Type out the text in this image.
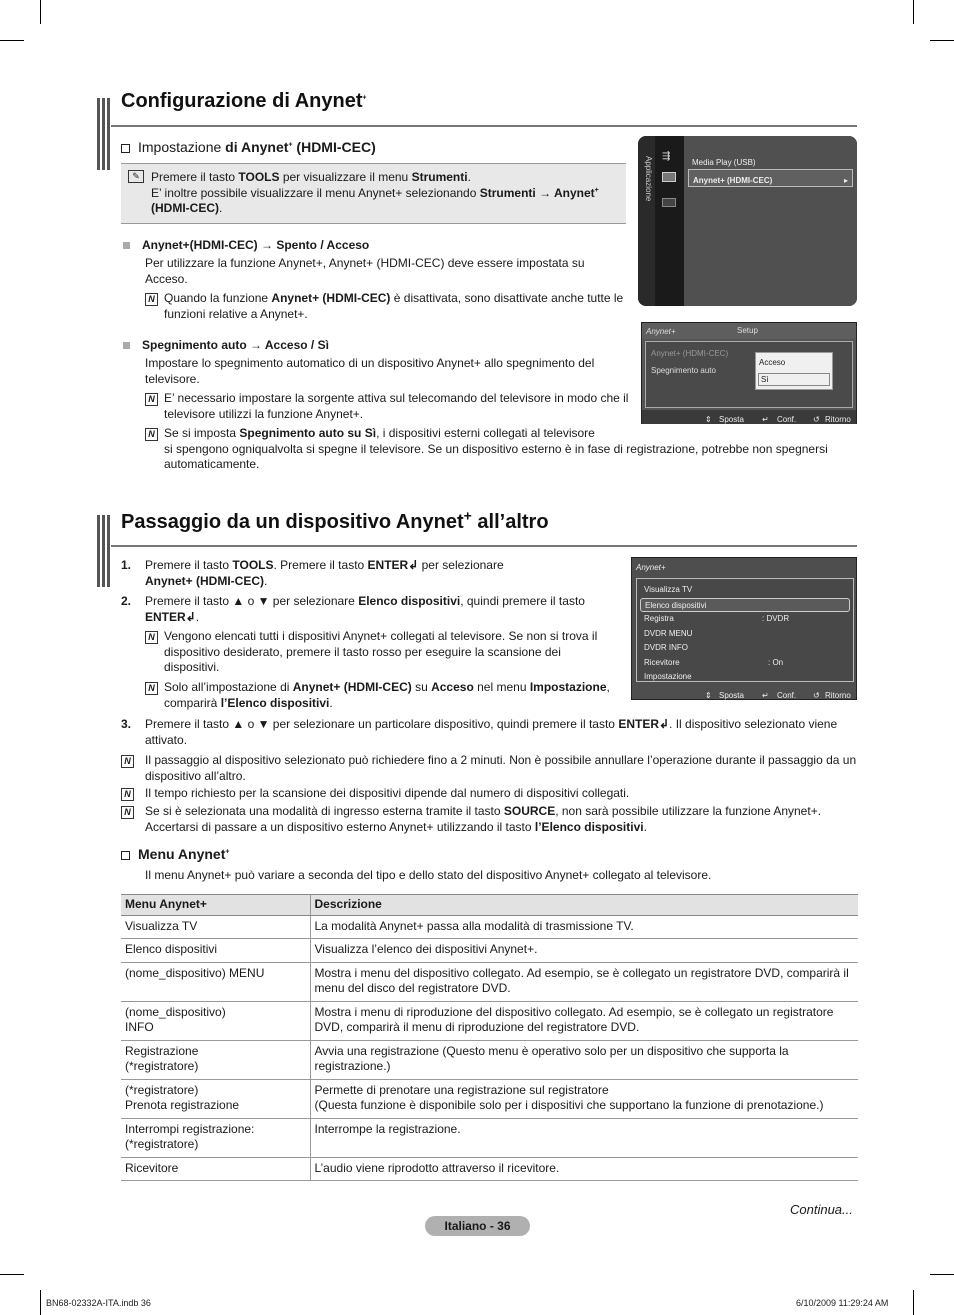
Configurazione di Anynet+
Impostazione di Anynet+ (HDMI-CEC)
✎ Premere il tasto TOOLS per visualizzare il menu Strumenti.
E’ inoltre possibile visualizzare il menu Anynet+ selezionando Strumenti → Anynet+
(HDMI-CEC).
Anynet+(HDMI-CEC) → Spento / Acceso
Per utilizzare la funzione Anynet+, Anynet+ (HDMI-CEC) deve essere impostata su Acceso.
N Quando la funzione Anynet+ (HDMI-CEC) è disattivata, sono disattivate anche tutte le funzioni relative a Anynet+.
Spegnimento auto → Acceso / Sì
Impostare lo spegnimento automatico di un dispositivo Anynet+ allo spegnimento del televisore.
N E’ necessario impostare la sorgente attiva sul telecomando del televisore in modo che il televisore utilizzi la funzione Anynet+.
N Se si imposta Spegnimento auto su Sì, i dispositivi esterni collegati al televisore
si spengono ogniqualvolta si spegne il televisore. Se un dispositivo esterno è in fase di registrazione, potrebbe non spegnersi automaticamente.
Applicazione ⇶
Media Play (USB)
Anynet+ (HDMI-CEC)	▸
Anynet+	Setup
Anynet+ (HDMI-CEC)
Spegnimento auto
Acceso
Sì
⇕ Sposta ↵ Conf. ↺ Ritorno
Passaggio da un dispositivo Anynet+ all’altro
1.	Premere il tasto TOOLS. Premere il tasto ENTER↲ per selezionare
Anynet+ (HDMI-CEC).
2.	Premere il tasto ▲ o ▼ per selezionare Elenco dispositivi, quindi premere il tasto
ENTER↲.
N Vengono elencati tutti i dispositivi Anynet+ collegati al televisore. Se non si trova il dispositivo desiderato, premere il tasto rosso per eseguire la scansione dei dispositivi.
N Solo all’impostazione di Anynet+ (HDMI-CEC) su Acceso nel menu Impostazione,
comparirà l’Elenco dispositivi.
3.	Premere il tasto ▲ o ▼ per selezionare un particolare dispositivo, quindi premere il tasto ENTER↲. Il dispositivo selezionato viene attivato.
N Il passaggio al dispositivo selezionato può richiedere fino a 2 minuti. Non è possibile annullare l’operazione durante il passaggio da un dispositivo all’altro.
N Il tempo richiesto per la scansione dei dispositivi dipende dal numero di dispositivi collegati.
N Se si è selezionata una modalità di ingresso esterna tramite il tasto SOURCE, non sarà possibile utilizzare la funzione Anynet+.
Accertarsi di passare a un dispositivo esterno Anynet+ utilizzando il tasto l’Elenco dispositivi.
Menu Anynet+
Il menu Anynet+ può variare a seconda del tipo e dello stato del dispositivo Anynet+ collegato al televisore.
Anynet+
Visualizza TV
Elenco dispositivi
Registra	: DVDR
DVDR MENU
DVDR INFO
Ricevitore	: On
Impostazione
⇕ Sposta ↵ Conf. ↺ Ritorno
Menu Anynet+	Descrizione
Visualizza TV	La modalità Anynet+ passa alla modalità di trasmissione TV.
Elenco dispositivi	Visualizza l’elenco dei dispositivi Anynet+.
(nome_dispositivo) MENU	Mostra i menu del dispositivo collegato. Ad esempio, se è collegato un registratore DVD, comparirà il menu del disco del registratore DVD.
(nome_dispositivo)
INFO	Mostra i menu di riproduzione del dispositivo collegato. Ad esempio, se è collegato un registratore DVD, comparirà il menu di riproduzione del registratore DVD.
Registrazione
(*registratore)	Avvia una registrazione (Questo menu è operativo solo per un dispositivo che supporta la registrazione.)
(*registratore)
Prenota registrazione	Permette di prenotare una registrazione sul registratore
(Questa funzione è disponibile solo per i dispositivi che supportano la funzione di prenotazione.)
Interrompi registrazione:
(*registratore)	Interrompe la registrazione.
Ricevitore	L’audio viene riprodotto attraverso il ricevitore.
Continua...
Italiano - 36
BN68-02332A-ITA.indb 36	6/10/2009 11:29:24 AM
